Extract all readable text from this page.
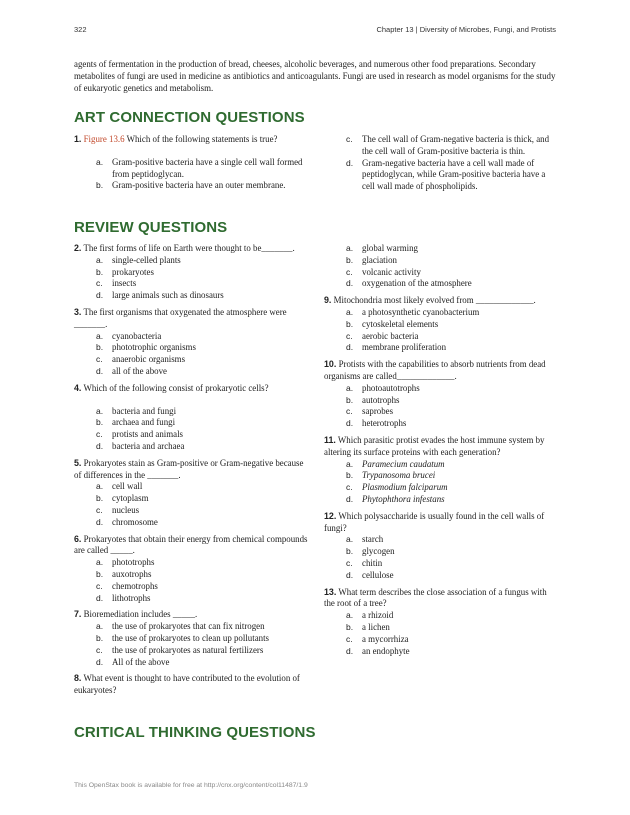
322	Chapter 13 | Diversity of Microbes, Fungi, and Protists

agents of fermentation in the production of bread, cheeses, alcoholic beverages, and numerous other food preparations. Secondary metabolites of fungi are used in medicine as antibiotics and anticoagulants. Fungi are used in research as model organisms for the study of eukaryotic genetics and metabolism.

ART CONNECTION QUESTIONS

1. Figure 13.6 Which of the following statements is true?

a.	Gram-positive bacteria have a single cell wall formed from peptidoglycan.
b.	Gram-positive bacteria have an outer membrane.
c.	The cell wall of Gram-negative bacteria is thick, and the cell wall of Gram-positive bacteria is thin.
d.	Gram-negative bacteria have a cell wall made of peptidoglycan, while Gram-positive bacteria have a cell wall made of phospholipids.
REVIEW QUESTIONS

2. The first forms of life on Earth were thought to be_______.

a.	single-celled plants
b.	prokaryotes
c.	insects
d.	large animals such as dinosaurs

3. The first organisms that oxygenated the atmosphere were _______.

a.	cyanobacteria
b.	phototrophic organisms
c.	anaerobic organisms
d.	all of the above

4. Which of the following consist of prokaryotic cells?

a.	bacteria and fungi
b.	archaea and fungi
c.	protists and animals
d.	bacteria and archaea

5. Prokaryotes stain as Gram-positive or Gram-negative because of differences in the _______.

a.	cell wall
b.	cytoplasm
c.	nucleus
d.	chromosome

6. Prokaryotes that obtain their energy from chemical compounds are called _____.

a.	phototrophs
b.	auxotrophs
c.	chemotrophs
d.	lithotrophs

7. Bioremediation includes _____.

a.	the use of prokaryotes that can fix nitrogen
b.	the use of prokaryotes to clean up pollutants
c.	the use of prokaryotes as natural fertilizers
d.	All of the above

8. What event is thought to have contributed to the evolution of eukaryotes?

a.	global warming
b.	glaciation
c.	volcanic activity
d.	oxygenation of the atmosphere

9. Mitochondria most likely evolved from _____________.

a.	a photosynthetic cyanobacterium
b.	cytoskeletal elements
c.	aerobic bacteria
d.	membrane proliferation

10. Protists with the capabilities to absorb nutrients from dead organisms are called_____________.

a.	photoautotrophs
b.	autotrophs
c.	saprobes
d.	heterotrophs

11. Which parasitic protist evades the host immune system by altering its surface proteins with each generation?

a.	Paramecium caudatum
b.	Trypanosoma brucei
c.	Plasmodium falciparum
d.	Phytophthora infestans

12. Which polysaccharide is usually found in the cell walls of fungi?

a.	starch
b.	glycogen
c.	chitin
d.	cellulose

13. What term describes the close association of a fungus with the root of a tree?

a.	a rhizoid
b.	a lichen
c.	a mycorrhiza
d.	an endophyte
CRITICAL THINKING QUESTIONS
This OpenStax book is available for free at http://cnx.org/content/col11487/1.9
